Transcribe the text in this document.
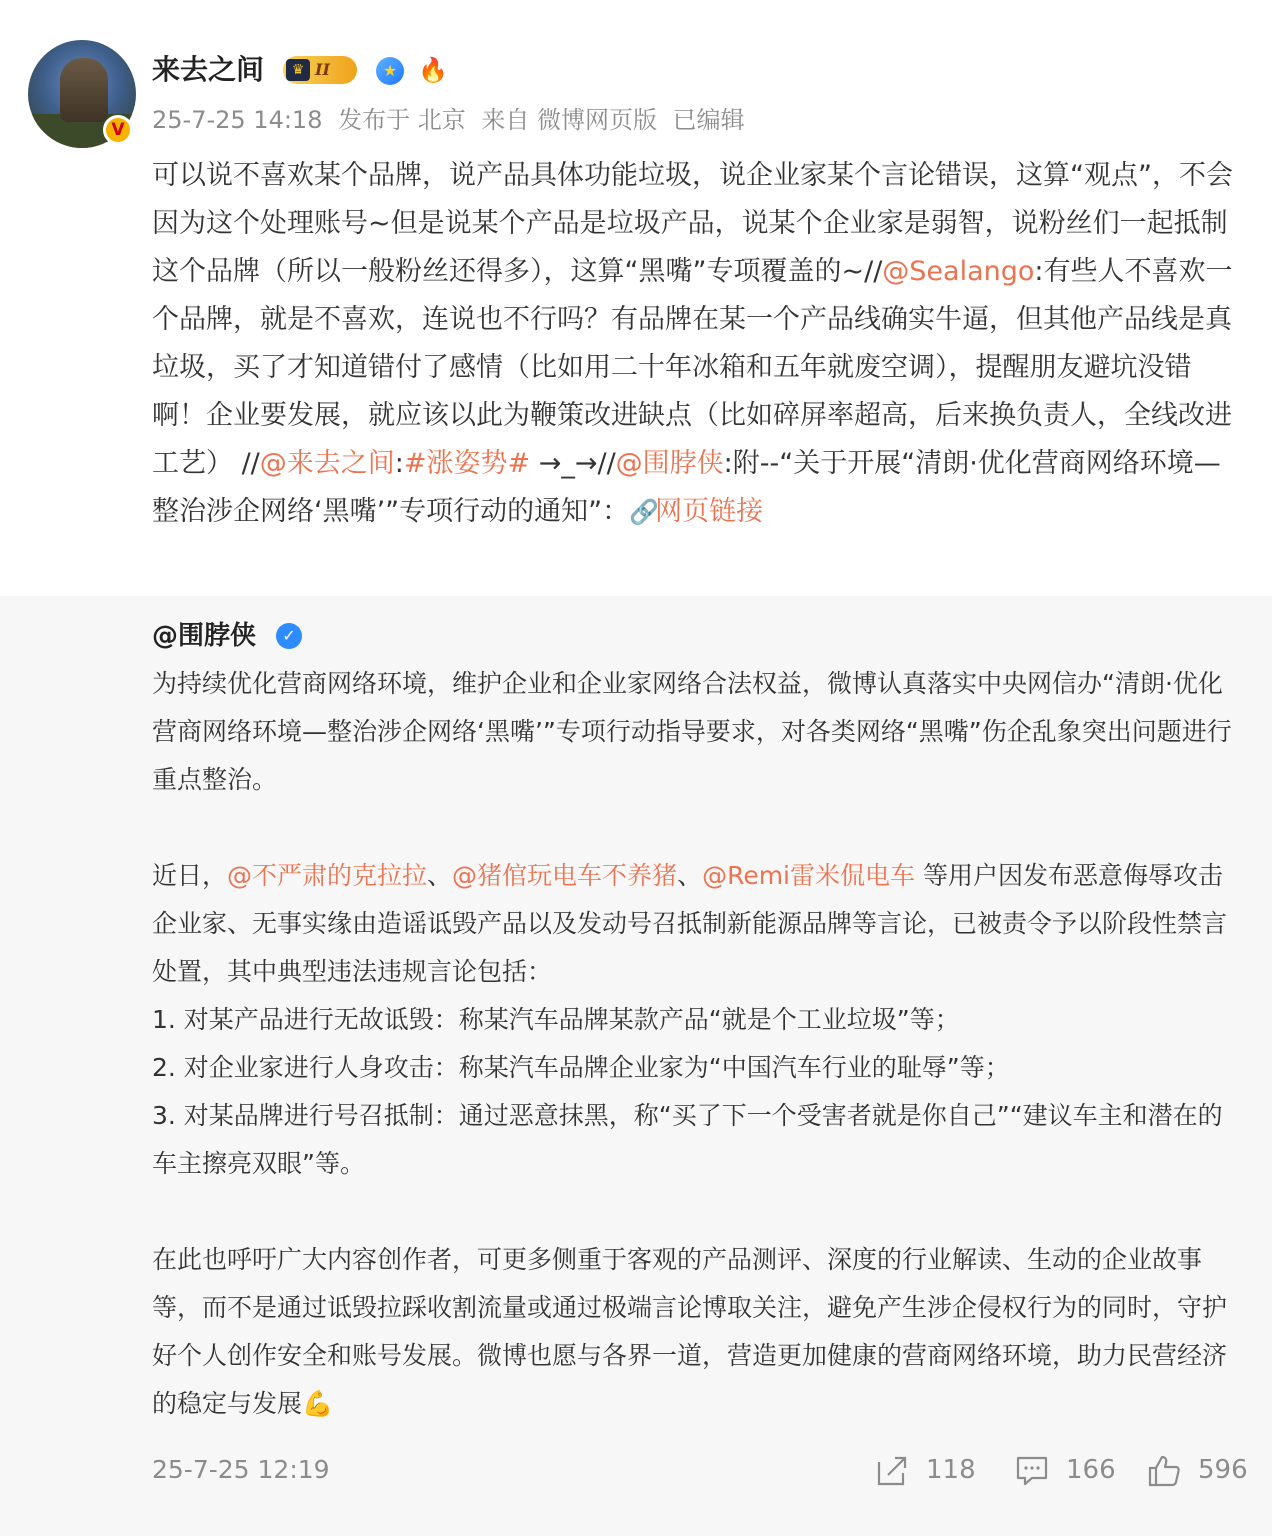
V
来去之间	♛ II	★ 🔥
25-7-25 14:18 发布于 北京 来自 微博网页版 已编辑
可以说不喜欢某个品牌，说产品具体功能垃圾，说企业家某个言论错误，这算“观点”，不会因为这个处理账号~但是说某个产品是垃圾产品，说某个企业家是弱智，说粉丝们一起抵制这个品牌（所以一般粉丝还得多），这算“黑嘴”专项覆盖的~//@Sealango:有些人不喜欢一个品牌，就是不喜欢，连说也不行吗？有品牌在某一个产品线确实牛逼，但其他产品线是真垃圾，买了才知道错付了感情（比如用二十年冰箱和五年就废空调），提醒朋友避坑没错啊！企业要发展，就应该以此为鞭策改进缺点（比如碎屏率超高，后来换负责人，全线改进工艺） //@来去之间:#涨姿势# →_→//@围脖侠:附--“关于开展“清朗·优化营商网络环境—整治涉企网络‘黑嘴’”专项行动的通知”：🔗网页链接
@围脖侠	✓

为持续优化营商网络环境，维护企业和企业家网络合法权益，微博认真落实中央网信办“清朗·优化营商网络环境—整治涉企网络‘黑嘴’”专项行动指导要求，对各类网络“黑嘴”伤企乱象突出问题进行重点整治。

近日，@不严肃的克拉拉、@猪倌玩电车不养猪、@Remi雷米侃电车 等用户因发布恶意侮辱攻击企业家、无事实缘由造谣诋毁产品以及发动号召抵制新能源品牌等言论，已被责令予以阶段性禁言处置，其中典型违法违规言论包括：

1. 对某产品进行无故诋毁：称某汽车品牌某款产品“就是个工业垃圾”等；

2. 对企业家进行人身攻击：称某汽车品牌企业家为“中国汽车行业的耻辱”等；

3. 对某品牌进行号召抵制：通过恶意抹黑，称“买了下一个受害者就是你自己”“建议车主和潜在的车主擦亮双眼”等。

在此也呼吁广大内容创作者，可更多侧重于客观的产品测评、深度的行业解读、生动的企业故事等，而不是通过诋毁拉踩收割流量或通过极端言论博取关注，避免产生涉企侵权行为的同时，守护好个人创作安全和账号发展。微博也愿与各界一道，营造更加健康的营商网络环境，助力民营经济的稳定与发展💪

25-7-25 12:19	118	166	596
